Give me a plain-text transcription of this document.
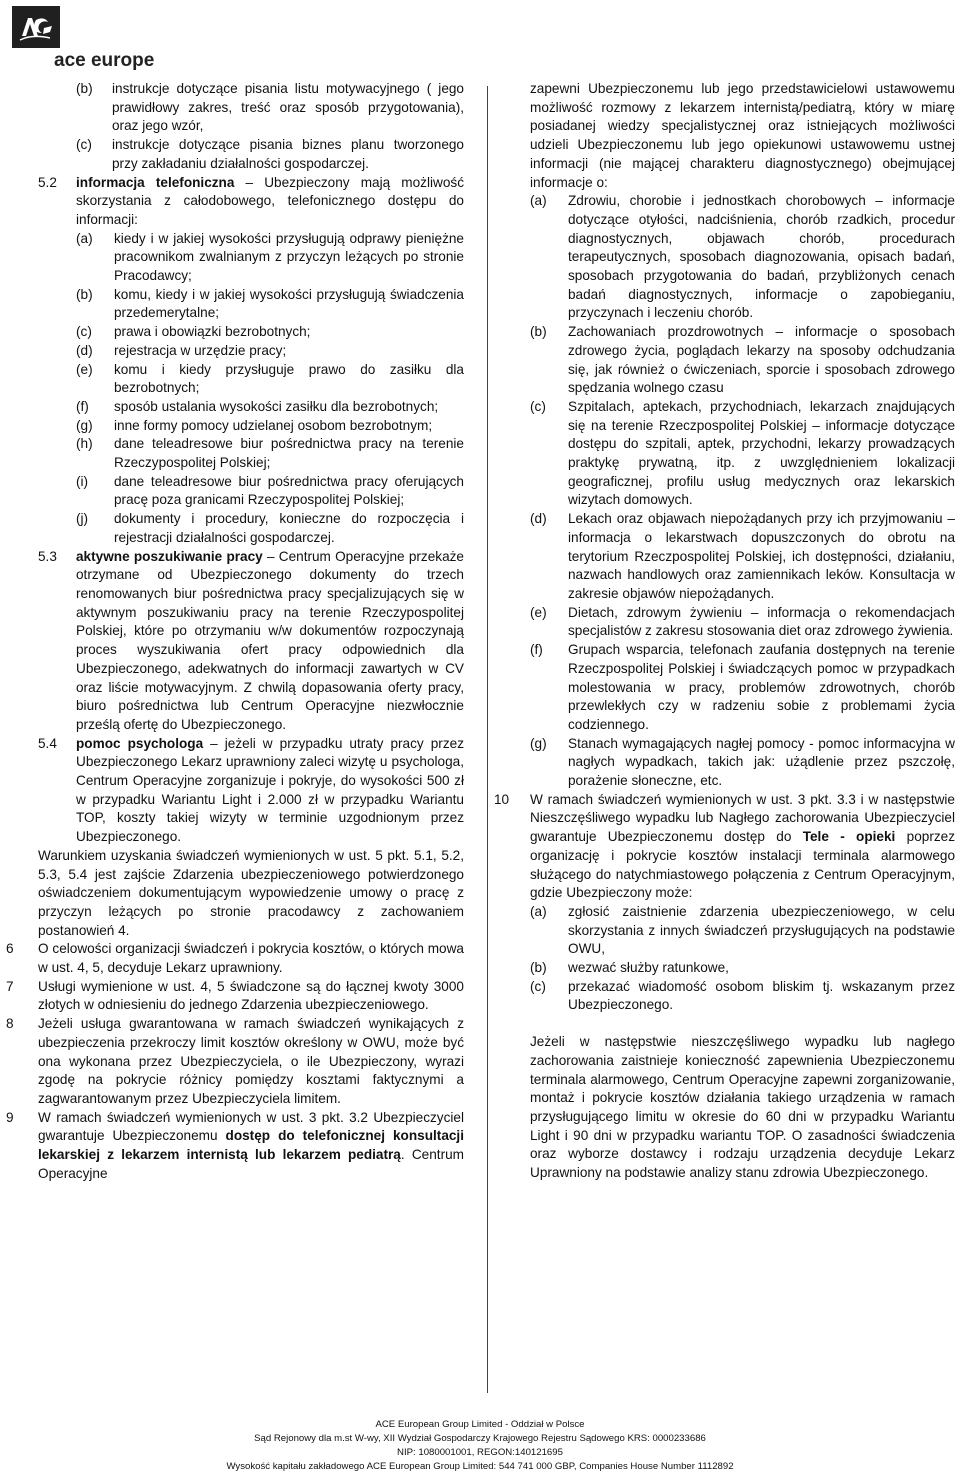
ace europe
(b) instrukcje dotyczące pisania listu motywacyjnego ( jego prawidłowy zakres, treść oraz sposób przygotowania), oraz jego wzór,
(c) instrukcje dotyczące pisania biznes planu tworzonego przy zakładaniu działalności gospodarczej.
5.2 informacja telefoniczna – Ubezpieczony mają możliwość skorzystania z całodobowego, telefonicznego dostępu do informacji:
(a) kiedy i w jakiej wysokości przysługują odprawy pieniężne pracownikom zwalnianym z przyczyn leżących po stronie Pracodawcy;
(b) komu, kiedy i w jakiej wysokości przysługują świadczenia przedemerytalne;
(c) prawa i obowiązki bezrobotnych;
(d) rejestracja w urzędzie pracy;
(e) komu i kiedy przysługuje prawo do zasiłku dla bezrobotnych;
(f) sposób ustalania wysokości zasiłku dla bezrobotnych;
(g) inne formy pomocy udzielanej osobom bezrobotnym;
(h) dane teleadresowe biur pośrednictwa pracy na terenie Rzeczypospolitej Polskiej;
(i) dane teleadresowe biur pośrednictwa pracy oferujących pracę poza granicami Rzeczypospolitej Polskiej;
(j) dokumenty i procedury, konieczne do rozpoczęcia i rejestracji działalności gospodarczej.
5.3 aktywne poszukiwanie pracy – Centrum Operacyjne przekaże otrzymane od Ubezpieczonego dokumenty do trzech renomowanych biur pośrednictwa pracy specjalizujących się w aktywnym poszukiwaniu pracy na terenie Rzeczypospolitej Polskiej, które po otrzymaniu w/w dokumentów rozpoczynają proces wyszukiwania ofert pracy odpowiednich dla Ubezpieczonego, adekwatnych do informacji zawartych w CV oraz liście motywacyjnym. Z chwilą dopasowania oferty pracy, biuro pośrednictwa lub Centrum Operacyjne niezwłocznie prześlą ofertę do Ubezpieczonego.
5.4 pomoc psychologa – jeżeli w przypadku utraty pracy przez Ubezpieczonego Lekarz uprawniony zaleci wizytę u psychologa, Centrum Operacyjne zorganizuje i pokryje, do wysokości 500 zł w przypadku Wariantu Light i 2.000 zł w przypadku Wariantu TOP, koszty takiej wizyty w terminie uzgodnionym przez Ubezpieczonego.
Warunkiem uzyskania świadczeń wymienionych w ust. 5 pkt. 5.1, 5.2, 5.3, 5.4 jest zajście Zdarzenia ubezpieczeniowego potwierdzonego oświadczeniem dokumentującym wypowiedzenie umowy o pracę z przyczyn leżących po stronie pracodawcy z zachowaniem postanowień 4.
6 O celowości organizacji świadczeń i pokrycia kosztów, o których mowa w ust. 4, 5, decyduje Lekarz uprawniony.
7 Usługi wymienione w ust. 4, 5 świadczone są do łącznej kwoty 3000 złotych w odniesieniu do jednego Zdarzenia ubezpieczeniowego.
8 Jeżeli usługa gwarantowana w ramach świadczeń wynikających z ubezpieczenia przekroczy limit kosztów określony w OWU, może być ona wykonana przez Ubezpieczyciela, o ile Ubezpieczony, wyrazi zgodę na pokrycie różnicy pomiędzy kosztami faktycznymi a zagwarantowanym przez Ubezpieczyciela limitem.
9 W ramach świadczeń wymienionych w ust. 3 pkt. 3.2 Ubezpieczyciel gwarantuje Ubezpieczonemu dostęp do telefonicznej konsultacji lekarskiej z lekarzem internistą lub lekarzem pediatrą. Centrum Operacyjne
zapewni Ubezpieczonemu lub jego przedstawicielowi ustawowemu możliwość rozmowy z lekarzem internistą/pediatrą, który w miarę posiadanej wiedzy specjalistycznej oraz istniejących możliwości udzieli Ubezpieczonemu lub jego opiekunowi ustawowemu ustnej informacji (nie mającej charakteru diagnostycznego) obejmującej informacje o:
(a) Zdrowiu, chorobie i jednostkach chorobowych – informacje dotyczące otyłości, nadciśnienia, chorób rzadkich, procedur diagnostycznych, objawach chorób, procedurach terapeutycznych, sposobach diagnozowania, opisach badań, sposobach przygotowania do badań, przybliżonych cenach badań diagnostycznych, informacje o zapobieganiu, przyczynach i leczeniu chorób.
(b) Zachowaniach prozdrowotnych – informacje o sposobach zdrowego życia, poglądach lekarzy na sposoby odchudzania się, jak również o ćwiczeniach, sporcie i sposobach zdrowego spędzania wolnego czasu
(c) Szpitalach, aptekach, przychodniach, lekarzach znajdujących się na terenie Rzeczpospolitej Polskiej – informacje dotyczące dostępu do szpitali, aptek, przychodni, lekarzy prowadzących praktykę prywatną, itp. z uwzględnieniem lokalizacji geograficznej, profilu usług medycznych oraz lekarskich wizytach domowych.
(d) Lekach oraz objawach niepożądanych przy ich przyjmowaniu – informacja o lekarstwach dopuszczonych do obrotu na terytorium Rzeczpospolitej Polskiej, ich dostępności, działaniu, nazwach handlowych oraz zamiennikach leków. Konsultacja w zakresie objawów niepożądanych.
(e) Dietach, zdrowym żywieniu – informacja o rekomendacjach specjalistów z zakresu stosowania diet oraz zdrowego żywienia.
(f) Grupach wsparcia, telefonach zaufania dostępnych na terenie Rzeczpospolitej Polskiej i świadczących pomoc w przypadkach molestowania w pracy, problemów zdrowotnych, chorób przewlekłych czy w radzeniu sobie z problemami życia codziennego.
(g) Stanach wymagających nagłej pomocy - pomoc informacyjna w nagłych wypadkach, takich jak: użądlenie przez pszczołę, porażenie słoneczne, etc.
10 W ramach świadczeń wymienionych w ust. 3 pkt. 3.3 i w następstwie Nieszczęśliwego wypadku lub Nagłego zachorowania Ubezpieczyciel gwarantuje Ubezpieczonemu dostęp do Tele - opieki poprzez organizację i pokrycie kosztów instalacji terminala alarmowego służącego do natychmiastowego połączenia z Centrum Operacyjnym, gdzie Ubezpieczony może:
(a) zgłosić zaistnienie zdarzenia ubezpieczeniowego, w celu skorzystania z innych świadczeń przysługujących na podstawie OWU,
(b) wezwać służby ratunkowe,
(c) przekazać wiadomość osobom bliskim tj. wskazanym przez Ubezpieczonego.
Jeżeli w następstwie nieszczęśliwego wypadku lub nagłego zachorowania zaistnieje konieczność zapewnienia Ubezpieczonemu terminala alarmowego, Centrum Operacyjne zapewni zorganizowanie, montaż i pokrycie kosztów działania takiego urządzenia w ramach przysługującego limitu w okresie do 60 dni w przypadku Wariantu Light i 90 dni w przypadku wariantu TOP. O zasadności świadczenia oraz wyborze dostawcy i rodzaju urządzenia decyduje Lekarz Uprawniony na podstawie analizy stanu zdrowia Ubezpieczonego.
ACE European Group Limited - Oddział w Polsce
Sąd Rejonowy dla m.st W-wy, XII Wydział Gospodarczy Krajowego Rejestru Sądowego KRS: 0000233686
NIP: 1080001001, REGON:140121695
Wysokość kapitału zakładowego ACE European Group Limited: 544 741 000 GBP, Companies House Number 1112892
